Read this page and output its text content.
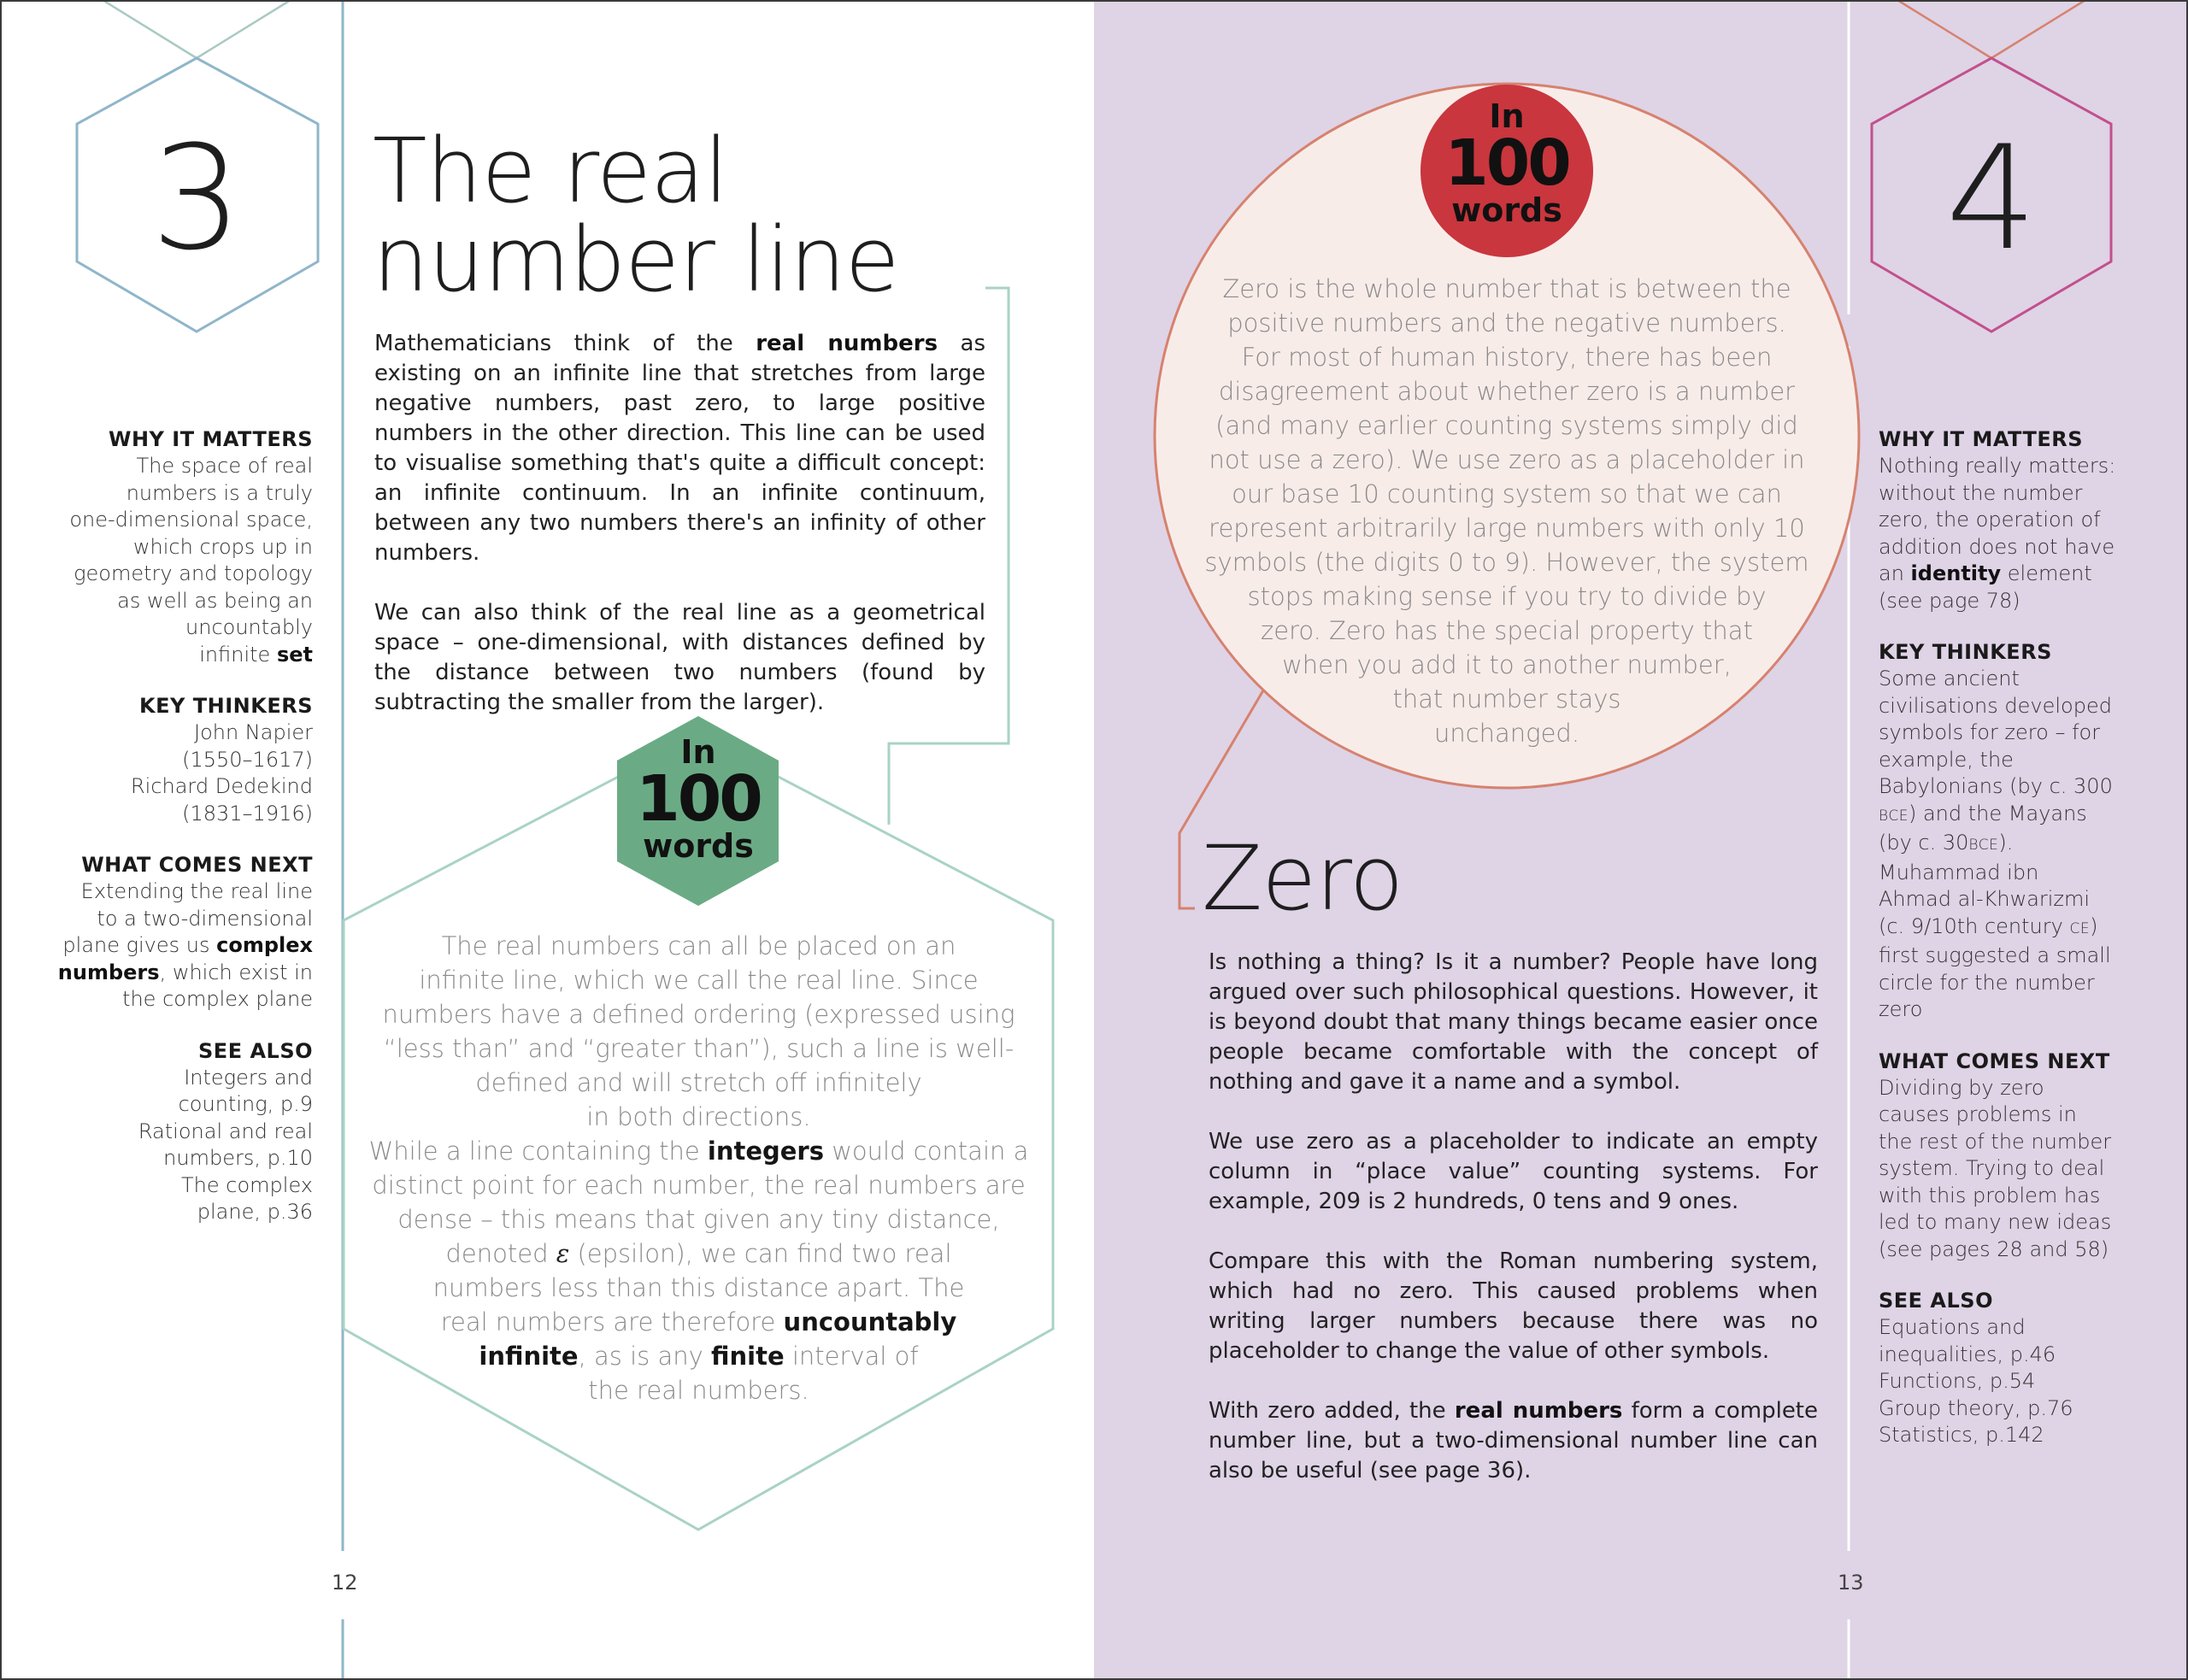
3	The real
number line

Mathematicians think of the real numbers as existing on an infinite line that stretches from large negative numbers, past zero, to large positive numbers in the other direction. This line can be used to visualise something that's quite a difficult concept: an infinite continuum. In an infinite continuum, between any two numbers there's an infinity of other numbers.

We can also think of the real line as a geometrical space – one-dimensional, with distances defined by the distance between two numbers (found by subtracting the smaller from the larger).

WHY IT MATTERS

The space of real
numbers is a truly
one-dimensional space,
which crops up in
geometry and topology
as well as being an
uncountably
infinite set

KEY THINKERS

John Napier
(1550–1617)
Richard Dedekind
(1831–1916)

WHAT COMES NEXT

Extending the real line
to a two-dimensional
plane gives us complex
numbers, which exist in
the complex plane

SEE ALSO

Integers and
counting, p.9
Rational and real
numbers, p.10
The complex
plane, p.36

In
100
words
The real numbers can all be placed on an
infinite line, which we call the real line. Since
numbers have a defined ordering (expressed using
“less than” and “greater than”), such a line is well-
defined and will stretch off infinitely
in both directions.
While a line containing the integers would contain a
distinct point for each number, the real numbers are
dense – this means that given any tiny distance,
denoted ε (epsilon), we can find two real
numbers less than this distance apart. The
real numbers are therefore uncountably
infinite, as is any finite interval of
the real numbers.
12
In
100
words
Zero is the whole number that is between the
positive numbers and the negative numbers.
For most of human history, there has been
disagreement about whether zero is a number
(and many earlier counting systems simply did
not use a zero). We use zero as a placeholder in
our base 10 counting system so that we can
represent arbitrarily large numbers with only 10
symbols (the digits 0 to 9). However, the system
stops making sense if you try to divide by
zero. Zero has the special property that
when you add it to another number,
that number stays
unchanged.
Zero

Is nothing a thing? Is it a number? People have long argued over such philosophical questions. However, it is beyond doubt that many things became easier once people became comfortable with the concept of nothing and gave it a name and a symbol.

We use zero as a placeholder to indicate an empty column in “place value” counting systems. For example, 209 is 2 hundreds, 0 tens and 9 ones.

Compare this with the Roman numbering system, which had no zero. This caused problems when writing larger numbers because there was no placeholder to change the value of other symbols.

With zero added, the real numbers form a complete number line, but a two-dimensional number line can also be useful (see page 36).

4
WHY IT MATTERS

Nothing really matters:
without the number
zero, the operation of
addition does not have
an identity element
(see page 78)

KEY THINKERS

Some ancient
civilisations developed
symbols for zero – for
example, the
Babylonians (by c. 300
BCE) and the Mayans
(by c. 30BCE).
Muhammad ibn
Ahmad al-Khwarizmi
(c. 9/10th century CE)
first suggested a small
circle for the number
zero

WHAT COMES NEXT

Dividing by zero
causes problems in
the rest of the number
system. Trying to deal
with this problem has
led to many new ideas
(see pages 28 and 58)

SEE ALSO

Equations and
inequalities, p.46
Functions, p.54
Group theory, p.76
Statistics, p.142

13
